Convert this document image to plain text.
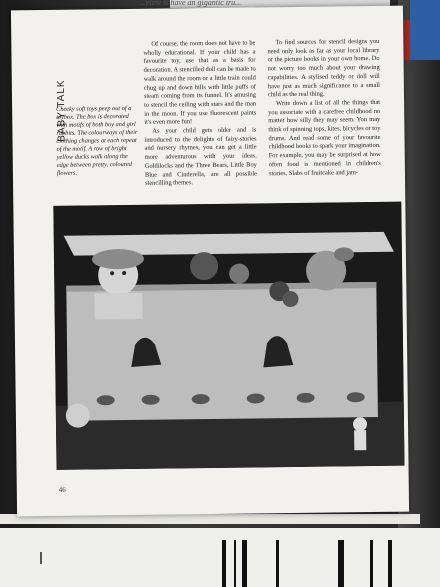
...elow is have an gigantic iru...
BABY TALK
Cheeky soft toys peep out of a toybox. The box is decorated with motifs of both boy and girl rabbits. The colourways of their clothing changes at each repeat of the motif. A row of bright yellow ducks walk along the edge between pretty, coloured flowers.

Of course, the room does not have to be wholly educational. If your child has a favourite toy, use that as a basis for decoration. A stencilled doll can be made to walk around the room or a little train could chug up and down hills with little puffs of steam coming from its funnel. It's amusing to stencil the ceiling with stars and the man in the moon. If you use fluorescent paints it's even more fun!

As your child gets older and is introduced to the delights of fairy-stories and nursery rhymes, you can get a little more adventurous with your ideas. Goldilocks and the Three Bears, Little Boy Blue and Cinderella, are all possible stencilling themes.

To find sources for stencil designs you need only look as far as your local library or the picture books in your own home. Do not worry too much about your drawing capabilities. A stylised teddy or doll will have just as much significance to a small child as the real thing.

Write down a list of all the things that you associate with a carefree childhood no matter how silly they may seem. You may think of spinning tops, kites, bicycles or toy drums. And read some of your favourite childhood books to spark your imagination. For example, you may be surprised at how often food is mentioned in children's stories. Slabs of fruitcake and jam-

46
